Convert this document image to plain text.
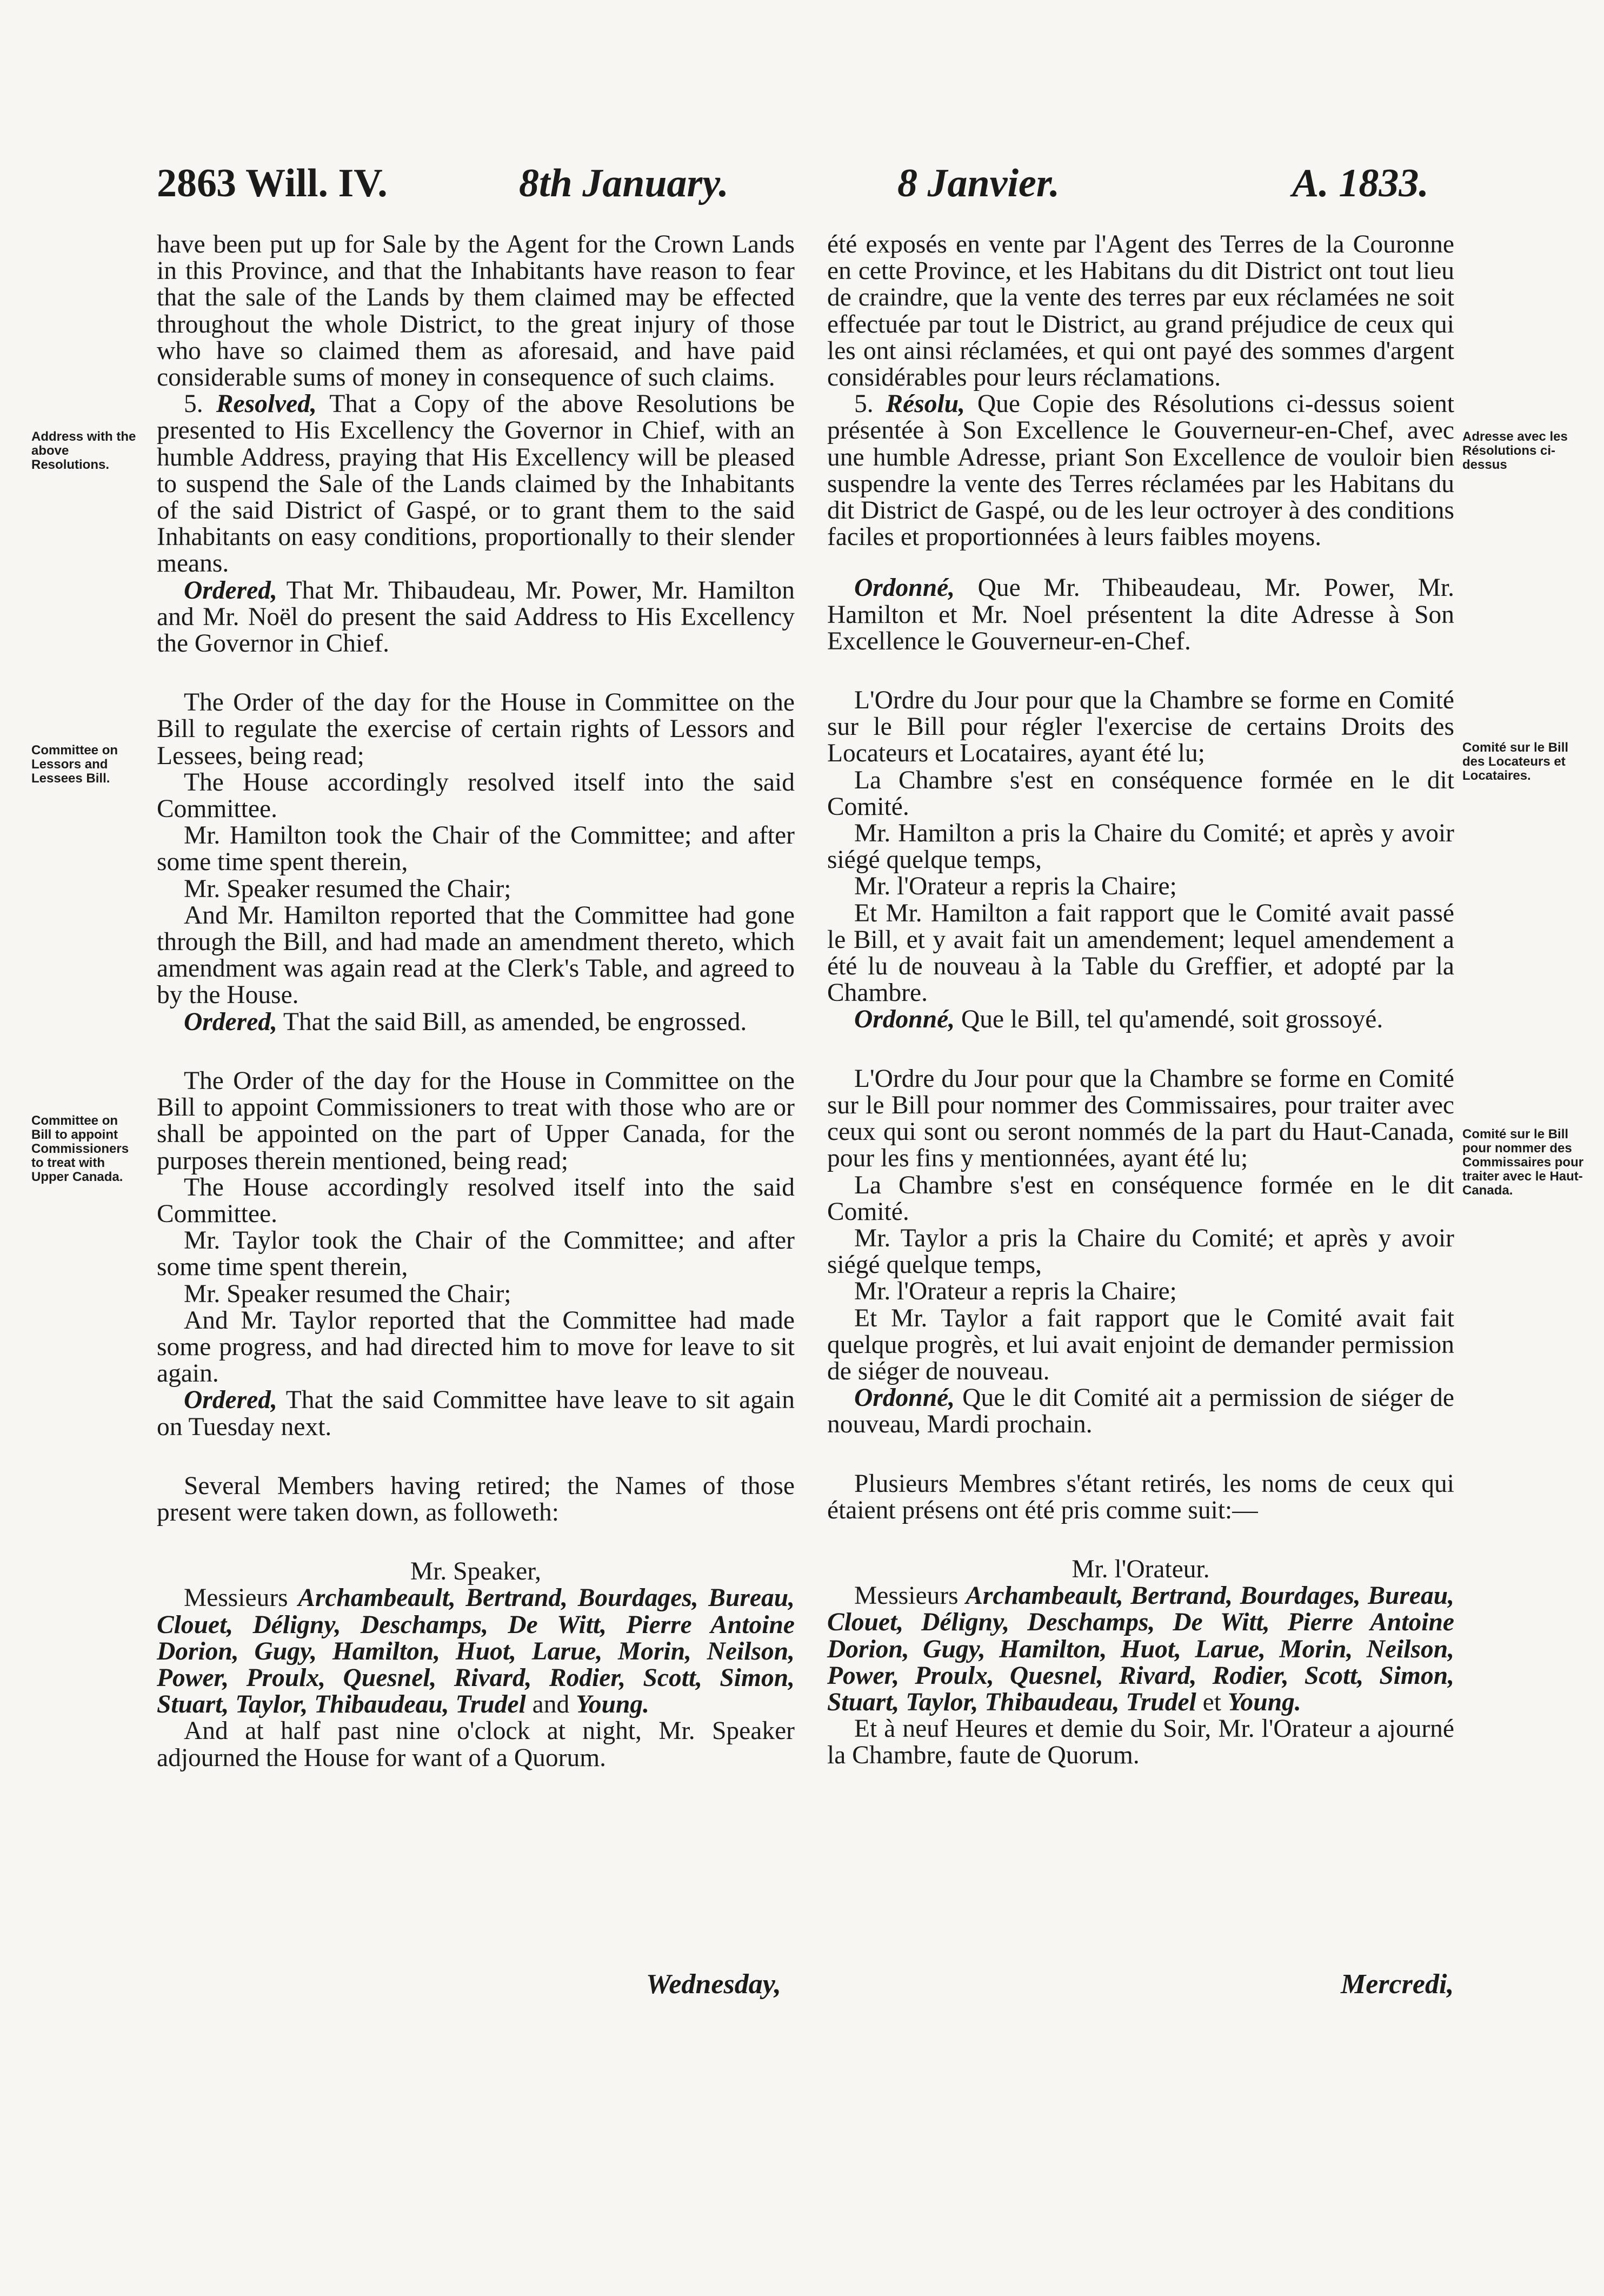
286 3 Will. IV.	8th January.	8 Janvier.	A. 1833.
Address with the above Resolutions.
Committee on Lessors and Lessees Bill.
Committee on Bill to appoint Commissioners to treat with Upper Canada.
Adresse avec les Résolutions ci-dessus
Comité sur le Bill des Locateurs et Locataires.
Comité sur le Bill pour nommer des Commissaires pour traiter avec le Haut-Canada.

have been put up for Sale by the Agent for the Crown Lands in this Province, and that the Inhabitants have reason to fear that the sale of the Lands by them claimed may be effected throughout the whole District, to the great injury of those who have so claimed them as aforesaid, and have paid considerable sums of money in consequence of such claims.

5. Resolved, That a Copy of the above Resolutions be presented to His Excellency the Governor in Chief, with an humble Address, praying that His Excellency will be pleased to suspend the Sale of the Lands claimed by the Inhabitants of the said District of Gaspé, or to grant them to the said Inhabitants on easy conditions, proportionally to their slender means.

Ordered, That Mr. Thibaudeau, Mr. Power, Mr. Hamilton and Mr. Noël do present the said Address to His Excellency the Governor in Chief.

The Order of the day for the House in Committee on the Bill to regulate the exercise of certain rights of Lessors and Lessees, being read;

The House accordingly resolved itself into the said Committee.

Mr. Hamilton took the Chair of the Committee; and after some time spent therein,

Mr. Speaker resumed the Chair;

And Mr. Hamilton reported that the Committee had gone through the Bill, and had made an amendment thereto, which amendment was again read at the Clerk's Table, and agreed to by the House.

Ordered, That the said Bill, as amended, be engrossed.

The Order of the day for the House in Committee on the Bill to appoint Commissioners to treat with those who are or shall be appointed on the part of Upper Canada, for the purposes therein mentioned, being read;

The House accordingly resolved itself into the said Committee.

Mr. Taylor took the Chair of the Committee; and after some time spent therein,

Mr. Speaker resumed the Chair;

And Mr. Taylor reported that the Committee had made some progress, and had directed him to move for leave to sit again.

Ordered, That the said Committee have leave to sit again on Tuesday next.

Several Members having retired; the Names of those present were taken down, as followeth:

Mr. Speaker,

Messieurs Archambeault, Bertrand, Bourdages, Bureau, Clouet, Déligny, Deschamps, De Witt, Pierre Antoine Dorion, Gugy, Hamilton, Huot, Larue, Morin, Neilson, Power, Proulx, Quesnel, Rivard, Rodier, Scott, Simon, Stuart, Taylor, Thibaudeau, Trudel and Young.

And at half past nine o'clock at night, Mr. Speaker adjourned the House for want of a Quorum.

été exposés en vente par l'Agent des Terres de la Couronne en cette Province, et les Habitans du dit District ont tout lieu de craindre, que la vente des terres par eux réclamées ne soit effectuée par tout le District, au grand préjudice de ceux qui les ont ainsi réclamées, et qui ont payé des sommes d'argent considérables pour leurs réclamations.

5. Résolu, Que Copie des Résolutions ci-dessus soient présentée à Son Excellence le Gouverneur-en-Chef, avec une humble Adresse, priant Son Excellence de vouloir bien suspendre la vente des Terres réclamées par les Habitans du dit District de Gaspé, ou de les leur octroyer à des conditions faciles et proportionnées à leurs faibles moyens.

Ordonné, Que Mr. Thibeaudeau, Mr. Power, Mr. Hamilton et Mr. Noel présentent la dite Adresse à Son Excellence le Gouverneur-en-Chef.

L'Ordre du Jour pour que la Chambre se forme en Comité sur le Bill pour régler l'exercise de certains Droits des Locateurs et Locataires, ayant été lu;

La Chambre s'est en conséquence formée en le dit Comité.

Mr. Hamilton a pris la Chaire du Comité; et après y avoir siégé quelque temps,

Mr. l'Orateur a repris la Chaire;

Et Mr. Hamilton a fait rapport que le Comité avait passé le Bill, et y avait fait un amendement; lequel amendement a été lu de nouveau à la Table du Greffier, et adopté par la Chambre.

Ordonné, Que le Bill, tel qu'amendé, soit grossoyé.

L'Ordre du Jour pour que la Chambre se forme en Comité sur le Bill pour nommer des Commissaires, pour traiter avec ceux qui sont ou seront nommés de la part du Haut-Canada, pour les fins y mentionnées, ayant été lu;

La Chambre s'est en conséquence formée en le dit Comité.

Mr. Taylor a pris la Chaire du Comité; et après y avoir siégé quelque temps,

Mr. l'Orateur a repris la Chaire;

Et Mr. Taylor a fait rapport que le Comité avait fait quelque progrès, et lui avait enjoint de demander permission de siéger de nouveau.

Ordonné, Que le dit Comité ait a permission de siéger de nouveau, Mardi prochain.

Plusieurs Membres s'étant retirés, les noms de ceux qui étaient présens ont été pris comme suit:—

Mr. l'Orateur.

Messieurs Archambeault, Bertrand, Bourdages, Bureau, Clouet, Déligny, Deschamps, De Witt, Pierre Antoine Dorion, Gugy, Hamilton, Huot, Larue, Morin, Neilson, Power, Proulx, Quesnel, Rivard, Rodier, Scott, Simon, Stuart, Taylor, Thibaudeau, Trudel et Young.

Et à neuf Heures et demie du Soir, Mr. l'Orateur a ajourné la Chambre, faute de Quorum.

Wednesday,	Mercredi,
